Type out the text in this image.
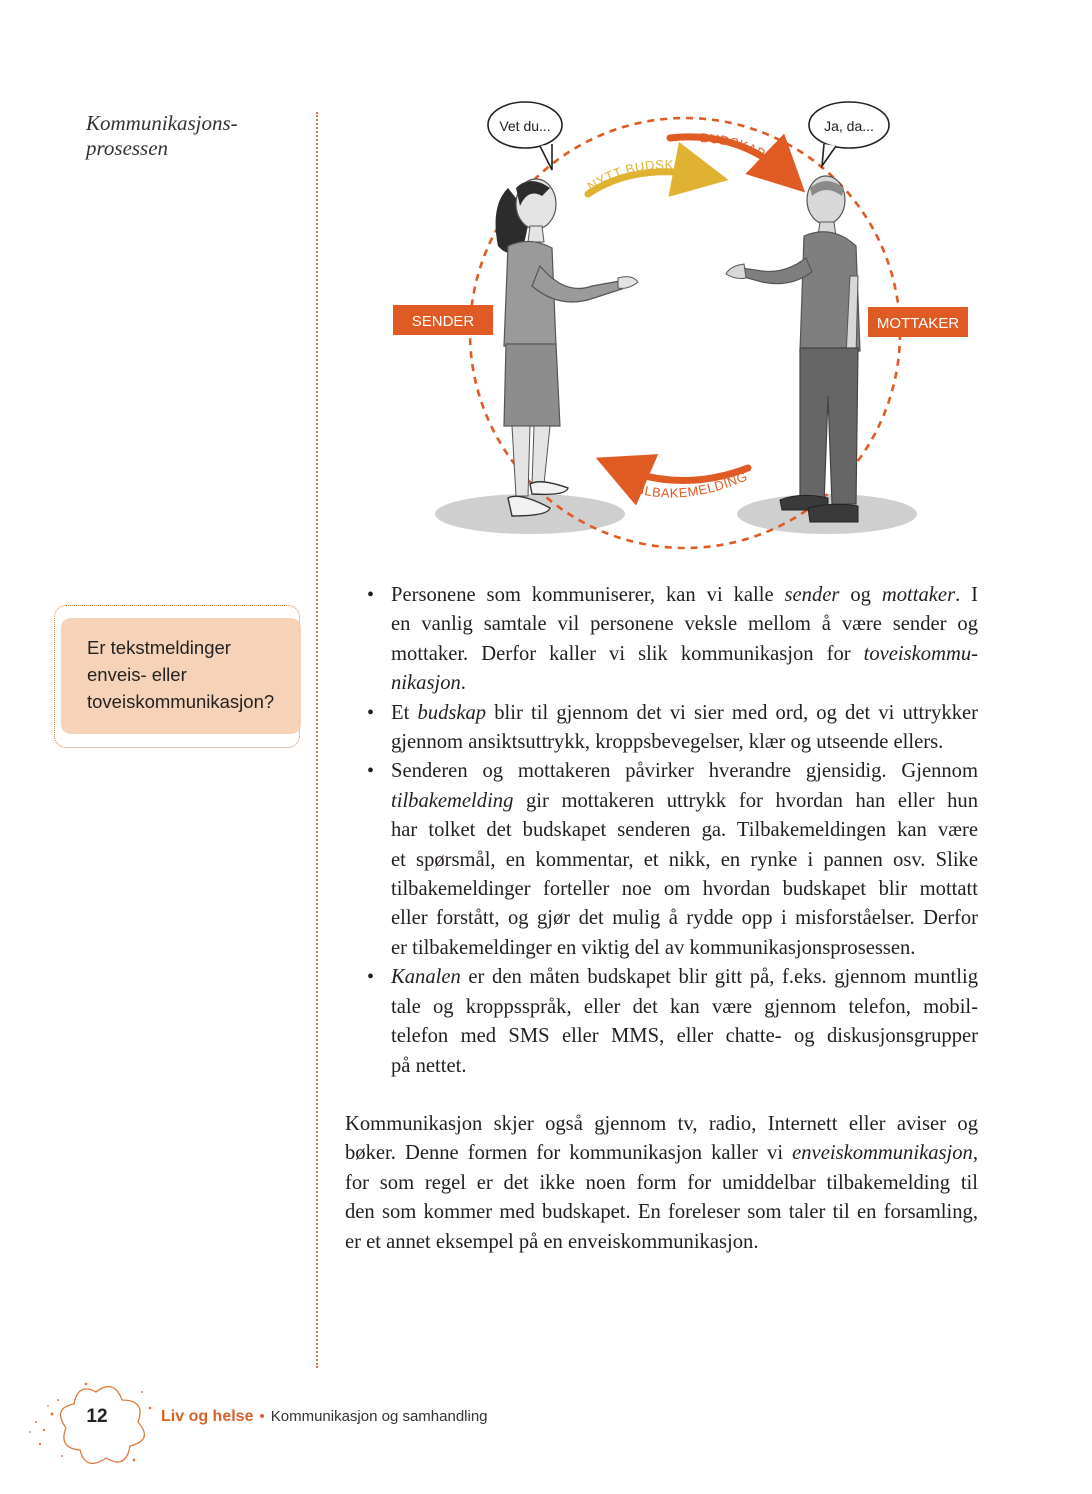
Kommunikasjons-
prosessen
Er tekstmeldinger
enveis- eller
toveiskommunikasjon?
Vet du...	Ja, da...
BUDSKAP
NYTT BUDSKAP
TILBAKEMELDING
SENDER	MOTTAKER
• Personene som kommuniserer, kan vi kalle sender og mottaker. I
en vanlig samtale vil personene veksle mellom å være sender og
mottaker. Derfor kaller vi slik kommunikasjon for toveiskommu-
nikasjon.
• Et budskap blir til gjennom det vi sier med ord, og det vi uttrykker
gjennom ansiktsuttrykk, kroppsbevegelser, klær og utseende ellers.
• Senderen og mottakeren påvirker hverandre gjensidig. Gjennom
tilbakemelding gir mottakeren uttrykk for hvordan han eller hun
har tolket det budskapet senderen ga. Tilbakemeldingen kan være
et spørsmål, en kommentar, et nikk, en rynke i pannen osv. Slike
tilbakemeldinger forteller noe om hvordan budskapet blir mottatt
eller forstått, og gjør det mulig å rydde opp i misforståelser. Derfor
er tilbakemeldinger en viktig del av kommunikasjonsprosessen.
• Kanalen er den måten budskapet blir gitt på, f.eks. gjennom muntlig
tale og kroppsspråk, eller det kan være gjennom telefon, mobil-
telefon med SMS eller MMS, eller chatte- og diskusjonsgrupper
på nettet.
Kommunikasjon skjer også gjennom tv, radio, Internett eller aviser og
bøker. Denne formen for kommunikasjon kaller vi enveiskommunikasjon,
for som regel er det ikke noen form for umiddelbar tilbakemelding til
den som kommer med budskapet. En foreleser som taler til en forsamling,
er et annet eksempel på en enveiskommunikasjon.
12	Liv og helse • Kommunikasjon og samhandling
